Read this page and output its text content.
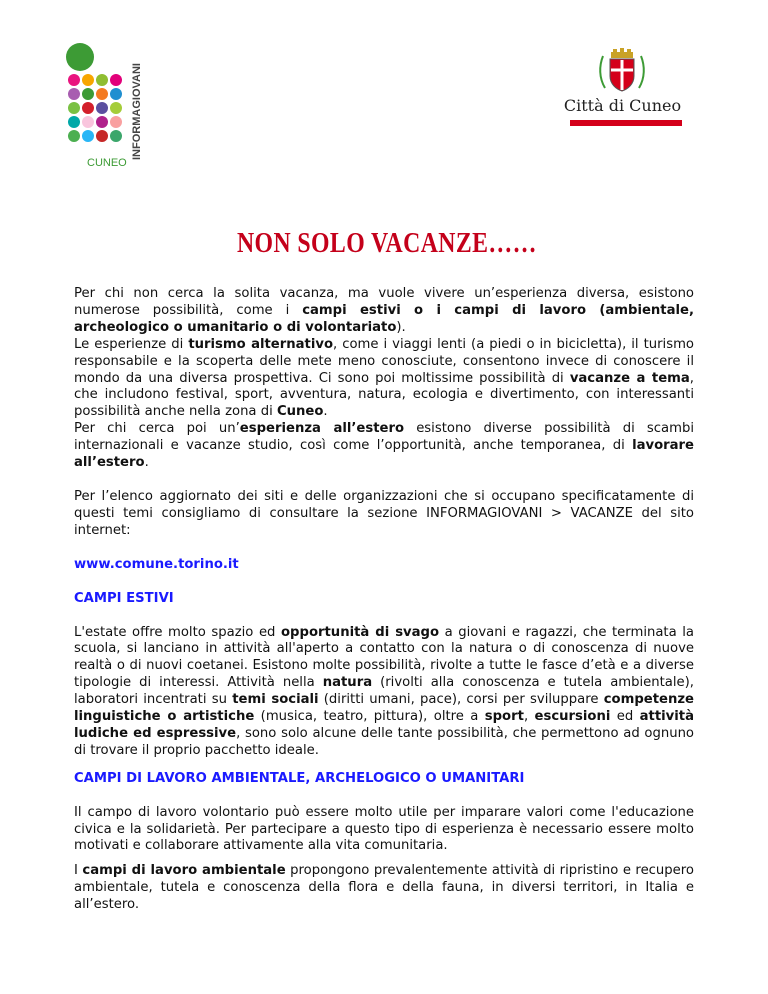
INFORMAGIOVANI
CUNEO
Città di Cuneo
NON SOLO VACANZE……

Per chi non cerca la solita vacanza, ma vuole vivere un’esperienza diversa, esistono numerose possibilità, come i campi estivi o i campi di lavoro (ambientale, archeologico o umanitario o di volontariato).
Le esperienze di turismo alternativo, come i viaggi lenti (a piedi o in bicicletta), il turismo responsabile e la scoperta delle mete meno conosciute, consentono invece di conoscere il mondo da una diversa prospettiva. Ci sono poi moltissime possibilità di vacanze a tema, che includono festival, sport, avventura, natura, ecologia e divertimento, con interessanti possibilità anche nella zona di Cuneo.
Per chi cerca poi un’esperienza all’estero esistono diverse possibilità di scambi internazionali e vacanze studio, così come l’opportunità, anche temporanea, di lavorare all’estero.

Per l’elenco aggiornato dei siti e delle organizzazioni che si occupano specificatamente di questi temi consigliamo di consultare la sezione INFORMAGIOVANI > VACANZE del sito internet:

www.comune.torino.it

CAMPI ESTIVI

L'estate offre molto spazio ed opportunità di svago a giovani e ragazzi, che terminata la scuola, si lanciano in attività all'aperto a contatto con la natura o di conoscenza di nuove realtà o di nuovi coetanei. Esistono molte possibilità, rivolte a tutte le fasce d’età e a diverse tipologie di interessi. Attività nella natura (rivolti alla conoscenza e tutela ambientale), laboratori incentrati su temi sociali (diritti umani, pace), corsi per sviluppare competenze linguistiche o artistiche (musica, teatro, pittura), oltre a sport, escursioni ed attività ludiche ed espressive, sono solo alcune delle tante possibilità, che permettono ad ognuno di trovare il proprio pacchetto ideale.

CAMPI DI LAVORO AMBIENTALE, ARCHELOGICO O UMANITARI

Il campo di lavoro volontario può essere molto utile per imparare valori come l'educazione civica e la solidarietà. Per partecipare a questo tipo di esperienza è necessario essere molto motivati e collaborare attivamente alla vita comunitaria.

I campi di lavoro ambientale propongono prevalentemente attività di ripristino e recupero ambientale, tutela e conoscenza della flora e della fauna, in diversi territori, in Italia e all’estero.
